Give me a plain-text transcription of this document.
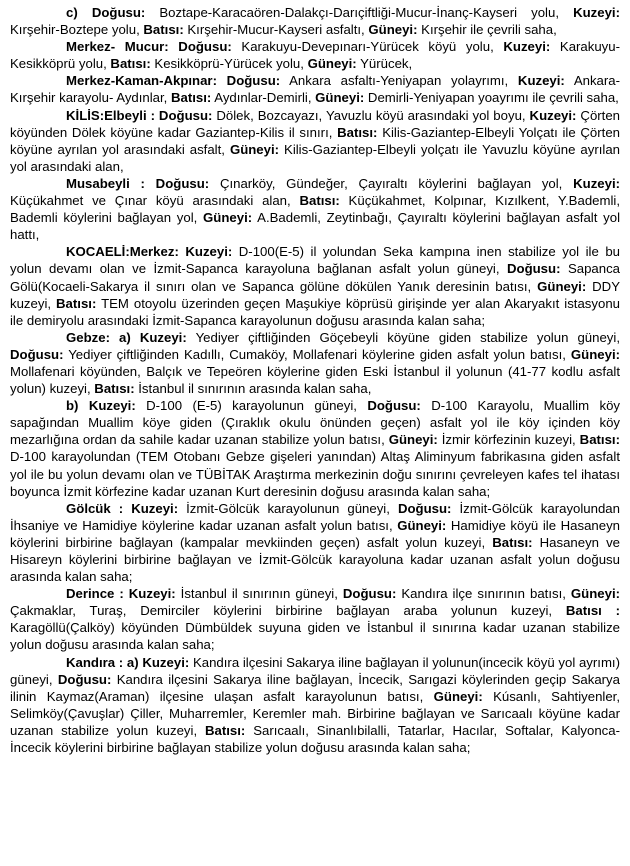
c) Doğusu: Boztape-Karacaören-Dalakçı-Darıçiftliği-Mucur-İnanç-Kayseri yolu, Kuzeyi: Kırşehir-Boztepe yolu, Batısı: Kırşehir-Mucur-Kayseri asfaltı, Güneyi: Kırşehir ile çevrili saha,

Merkez- Mucur: Doğusu: Karakuyu-Devepınarı-Yürücek köyü yolu, Kuzeyi: Karakuyu-Kesikköprü yolu, Batısı: Kesikköprü-Yürücek yolu, Güneyi: Yürücek,

Merkez-Kaman-Akpınar: Doğusu: Ankara asfaltı-Yeniyapan yolayrımı, Kuzeyi: Ankara-Kırşehir karayolu- Aydınlar, Batısı: Aydınlar-Demirli, Güneyi: Demirli-Yeniyapan yoayrımı ile çevrili saha,

KİLİS:Elbeyli : Doğusu: Dölek, Bozcayazı, Yavuzlu köyü arasındaki yol boyu, Kuzeyi: Çörten köyünden Dölek köyüne kadar Gaziantep-Kilis il sınırı, Batısı: Kilis-Gaziantep-Elbeyli Yolçatı ile Çörten köyüne ayrılan yol arasındaki asfalt, Güneyi: Kilis-Gaziantep-Elbeyli yolçatı ile Yavuzlu köyüne ayrılan yol arasındaki alan,

Musabeyli : Doğusu: Çınarköy, Gündeğer, Çayıraltı köylerini bağlayan yol, Kuzeyi: Küçükahmet ve Çınar köyü arasındaki alan, Batısı: Küçükahmet, Kolpınar, Kızılkent, Y.Bademli, Bademli köylerini bağlayan yol, Güneyi: A.Bademli, Zeytinbağı, Çayıraltı köylerini bağlayan asfalt yol hattı,

KOCAELİ:Merkez: Kuzeyi: D-100(E-5) il yolundan Seka kampına inen stabilize yol ile bu yolun devamı olan ve İzmit-Sapanca karayoluna bağlanan asfalt yolun güneyi, Doğusu: Sapanca Gölü(Kocaeli-Sakarya il sınırı olan ve Sapanca gölüne dökülen Yanık deresinin batısı, Güneyi: DDY kuzeyi, Batısı: TEM otoyolu üzerinden geçen Maşukiye köprüsü girişinde yer alan Akaryakıt istasyonu ile demiryolu arasındaki İzmit-Sapanca karayolunun doğusu arasında kalan saha;

Gebze: a) Kuzeyi: Yediyer çiftliğinden Göçebeyli köyüne giden stabilize yolun güneyi, Doğusu: Yediyer çiftliğinden Kadıllı, Cumaköy, Mollafenari köylerine giden asfalt yolun batısı, Güneyi: Mollafenari köyünden, Balçık ve Tepeören köylerine giden Eski İstanbul il yolunun (41-77 kodlu asfalt yolun) kuzeyi, Batısı: İstanbul il sınırının arasında kalan saha,

b) Kuzeyi: D-100 (E-5) karayolunun güneyi, Doğusu: D-100 Karayolu, Muallim köy sapağından Muallim köye giden (Çıraklık okulu önünden geçen) asfalt yol ile köy içinden köy mezarlığına ordan da sahile kadar uzanan stabilize yolun batısı, Güneyi: İzmir körfezinin kuzeyi, Batısı: D-100 karayolundan (TEM Otobanı Gebze gişeleri yanından) Altaş Aliminyum fabrikasına giden asfalt yol ile bu yolun devamı olan ve TÜBİTAK Araştırma merkezinin doğu sınırını çevreleyen kafes tel ihatası boyunca İzmit körfezine kadar uzanan Kurt deresinin doğusu arasında kalan saha;

Gölcük : Kuzeyi: İzmit-Gölcük karayolunun güneyi, Doğusu: İzmit-Gölcük karayolundan İhsaniye ve Hamidiye köylerine kadar uzanan asfalt yolun batısı, Güneyi: Hamidiye köyü ile Hasaneyn köylerini birbirine bağlayan (kampalar mevkiinden geçen) asfalt yolun kuzeyi, Batısı: Hasaneyn ve Hisareyn köylerini birbirine bağlayan ve İzmit-Gölcük karayoluna kadar uzanan asfalt yolun doğusu arasında kalan saha;

Derince : Kuzeyi: İstanbul il sınırının güneyi, Doğusu: Kandıra ilçe sınırının batısı, Güneyi: Çakmaklar, Turaş, Demirciler köylerini birbirine bağlayan araba yolunun kuzeyi, Batısı : Karagöllü(Çalköy) köyünden Dümbüldek suyuna giden ve İstanbul il sınırına kadar uzanan stabilize yolun doğusu arasında kalan saha;

Kandıra : a) Kuzeyi: Kandıra ilçesini Sakarya iline bağlayan il yolunun(incecik köyü yol ayrımı) güneyi, Doğusu: Kandıra ilçesini Sakarya iline bağlayan, İncecik, Sarıgazi köylerinden geçip Sakarya ilinin Kaymaz(Araman) ilçesine ulaşan asfalt karayolunun batısı, Güneyi: Kúsanlı, Sahtiyenler, Selimköy(Çavuşlar) Çiller, Muharremler, Keremler mah. Birbirine bağlayan ve Sarıcaalı köyüne kadar uzanan stabilize yolun kuzeyi, Batısı: Sarıcaalı, Sinanlıbilalli, Tatarlar, Hacılar, Softalar, Kalyonca- İncecik köylerini birbirine bağlayan stabilize yolun doğusu arasında kalan saha;
